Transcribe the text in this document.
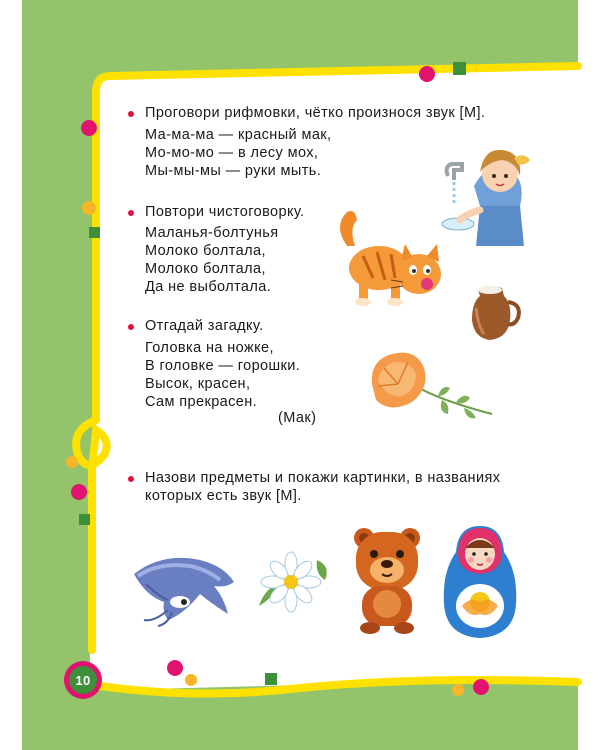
Проговори рифмовки, чётко произнося звук [М].
Ма-ма-ма — красный мак,
Мо-мо-мо — в лесу мох,
Мы-мы-мы — руки мыть.
Повтори чистоговорку.
Маланья-болтунья
Молоко болтала,
Молоко болтала,
Да не выболтала.
Отгадай загадку.
Головка на ножке,
В головке — горошки.
Высок, красен,
Сам прекрасен.
(Мак)
Назови предметы и покажи картинки, в названиях
которых есть звук [М].
10
